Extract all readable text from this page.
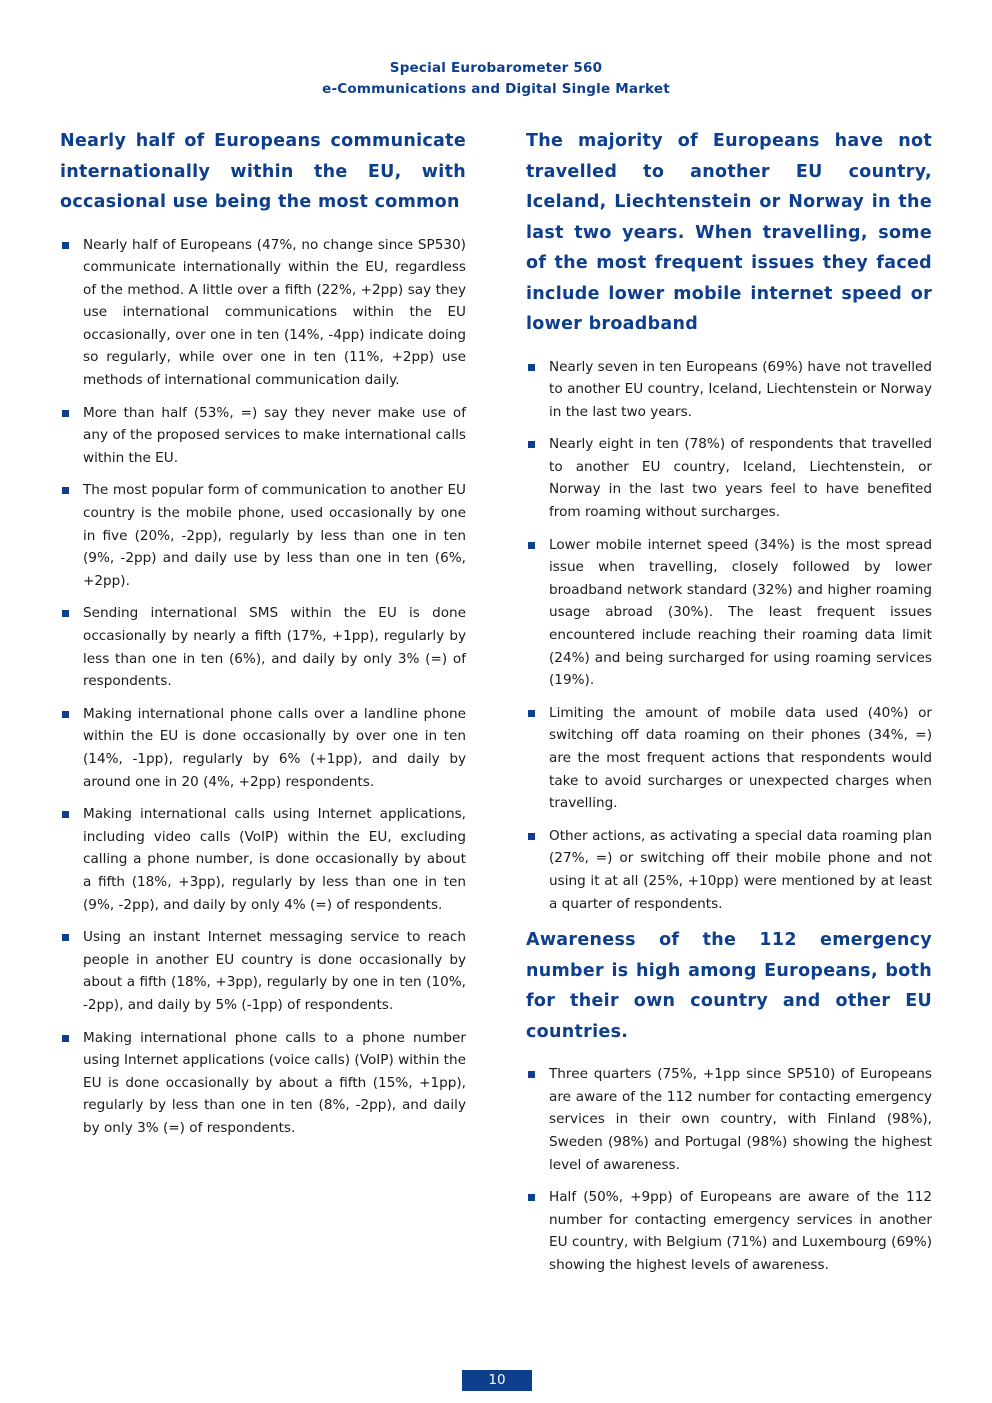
Special Eurobarometer 560
e-Communications and Digital Single Market
Nearly half of Europeans communicate internationally within the EU, with occasional use being the most common
Nearly half of Europeans (47%, no change since SP530) communicate internationally within the EU, regardless of the method. A little over a fifth (22%, +2pp) say they use international communications within the EU occasionally, over one in ten (14%, -4pp) indicate doing so regularly, while over one in ten (11%, +2pp) use methods of international communication daily.
More than half (53%, =) say they never make use of any of the proposed services to make international calls within the EU.
The most popular form of communication to another EU country is the mobile phone, used occasionally by one in five (20%, -2pp), regularly by less than one in ten (9%, -2pp) and daily use by less than one in ten (6%, +2pp).
Sending international SMS within the EU is done occasionally by nearly a fifth (17%, +1pp), regularly by less than one in ten (6%), and daily by only 3% (=) of respondents.
Making international phone calls over a landline phone within the EU is done occasionally by over one in ten (14%, -1pp), regularly by 6% (+1pp), and daily by around one in 20 (4%, +2pp) respondents.
Making international calls using Internet applications, including video calls (VoIP) within the EU, excluding calling a phone number, is done occasionally by about a fifth (18%, +3pp), regularly by less than one in ten (9%, -2pp), and daily by only 4% (=) of respondents.
Using an instant Internet messaging service to reach people in another EU country is done occasionally by about a fifth (18%, +3pp), regularly by one in ten (10%, -2pp), and daily by 5% (-1pp) of respondents.
Making international phone calls to a phone number using Internet applications (voice calls) (VoIP) within the EU is done occasionally by about a fifth (15%, +1pp), regularly by less than one in ten (8%, -2pp), and daily by only 3% (=) of respondents.
The majority of Europeans have not travelled to another EU country, Iceland, Liechtenstein or Norway in the last two years. When travelling, some of the most frequent issues they faced include lower mobile internet speed or lower broadband
Nearly seven in ten Europeans (69%) have not travelled to another EU country, Iceland, Liechtenstein or Norway in the last two years.
Nearly eight in ten (78%) of respondents that travelled to another EU country, Iceland, Liechtenstein, or Norway in the last two years feel to have benefited from roaming without surcharges.
Lower mobile internet speed (34%) is the most spread issue when travelling, closely followed by lower broadband network standard (32%) and higher roaming usage abroad (30%). The least frequent issues encountered include reaching their roaming data limit (24%) and being surcharged for using roaming services (19%).
Limiting the amount of mobile data used (40%) or switching off data roaming on their phones (34%, =) are the most frequent actions that respondents would take to avoid surcharges or unexpected charges when travelling.
Other actions, as activating a special data roaming plan (27%, =) or switching off their mobile phone and not using it at all (25%, +10pp) were mentioned by at least a quarter of respondents.
Awareness of the 112 emergency number is high among Europeans, both for their own country and other EU countries.
Three quarters (75%, +1pp since SP510) of Europeans are aware of the 112 number for contacting emergency services in their own country, with Finland (98%), Sweden (98%) and Portugal (98%) showing the highest level of awareness.
Half (50%, +9pp) of Europeans are aware of the 112 number for contacting emergency services in another EU country, with Belgium (71%) and Luxembourg (69%) showing the highest levels of awareness.
10
